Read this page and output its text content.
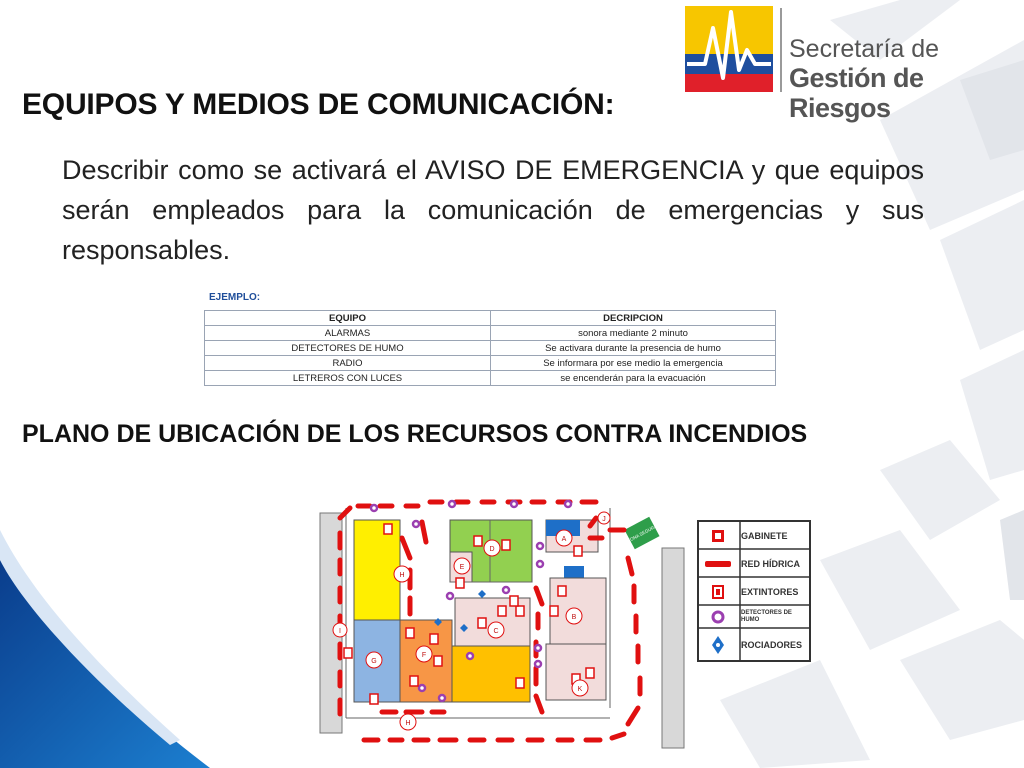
Secretaría de
Gestión de Riesgos
EQUIPOS Y MEDIOS DE COMUNICACIÓN:
Describir como se activará el AVISO DE EMERGENCIA y que equipos serán empleados para la comunicación de emergencias y sus responsables.
EJEMPLO:
EQUIPO	DECRIPCION
ALARMAS	sonora mediante 2 minuto
DETECTORES DE HUMO	Se activara durante la presencia de humo
RADIO	Se informara por ese medio la emergencia
LETREROS CON LUCES	se encenderán para la evacuación
PLANO DE UBICACIÓN DE LOS RECURSOS CONTRA INCENDIOS
ZONA SEGURA
A
B
C
D
E
F
G
H
H
I
J
K
GABINETE
RED HÍDRICA
EXTINTORES
DETECTORES DE HUMO
ROCIADORES
